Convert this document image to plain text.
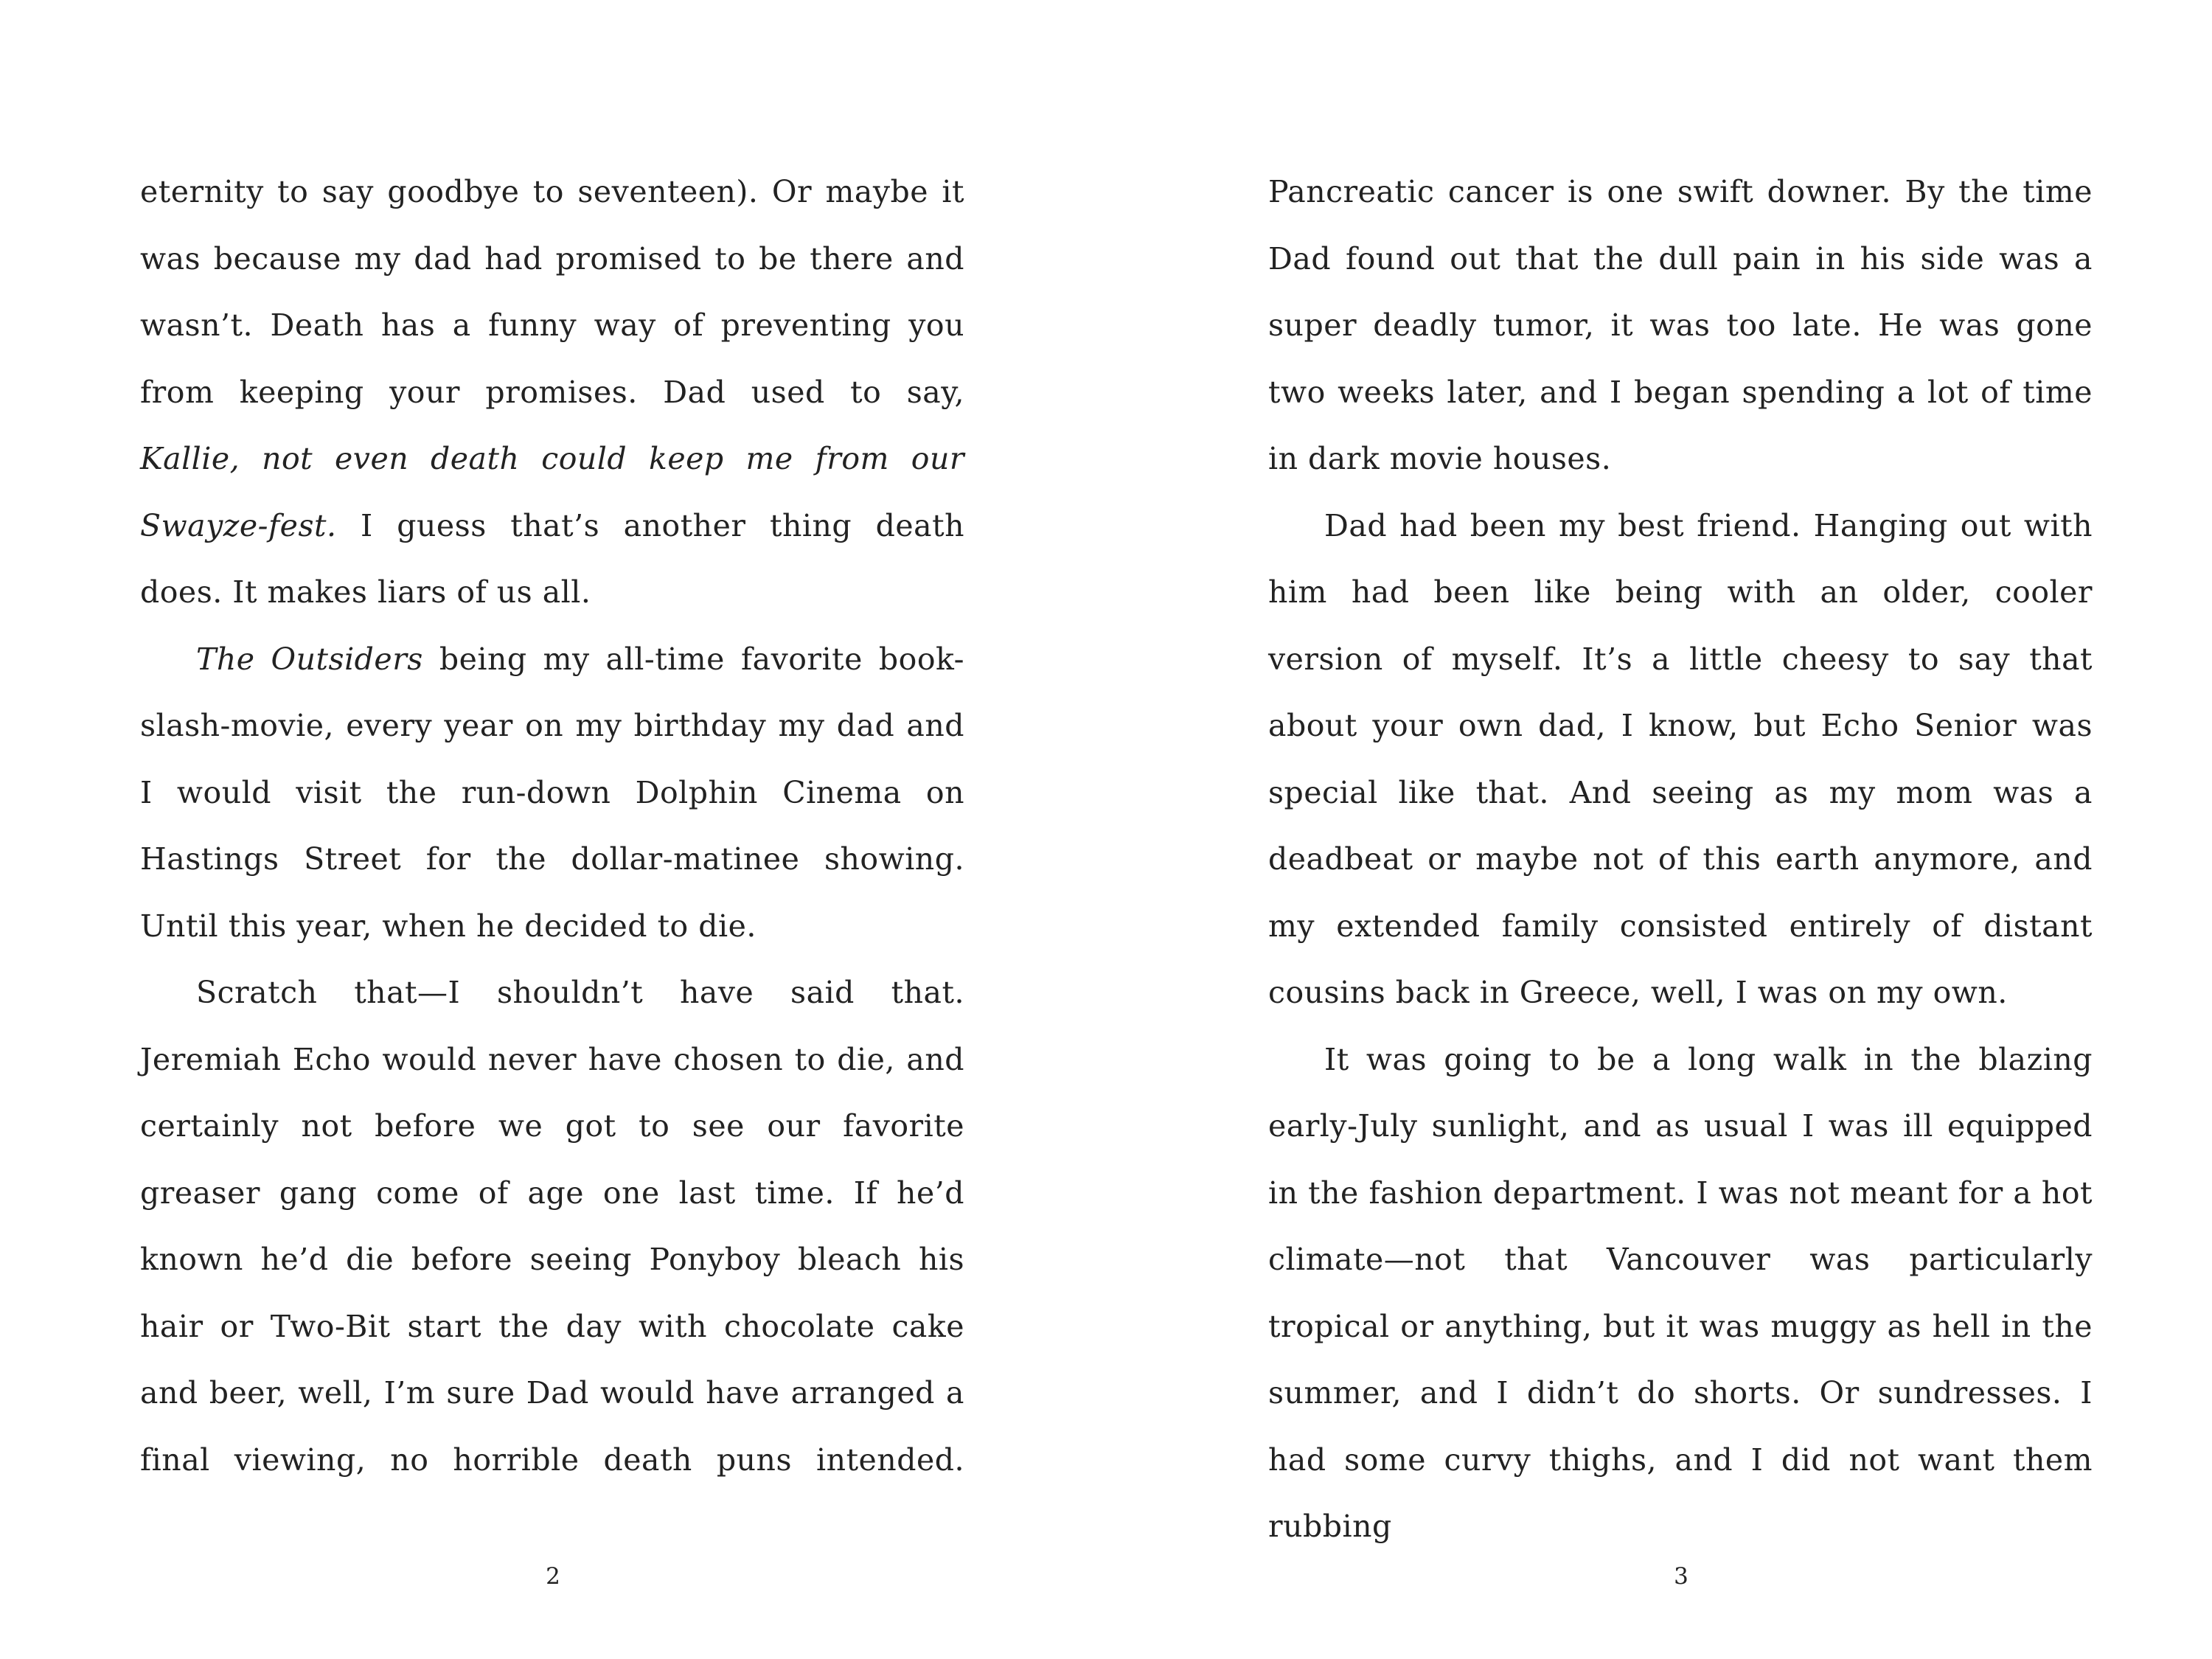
eternity to say goodbye to seventeen). Or maybe it was because my dad had promised to be there and wasn’t. Death has a funny way of preventing you from keeping your promises. Dad used to say, Kallie, not even death could keep me from our Swayze-fest. I guess that’s another thing death does. It makes liars of us all.

The Outsiders being my all-time favorite book-slash-movie, every year on my birthday my dad and I would visit the run-down Dolphin Cinema on Hastings Street for the dollar-matinee showing. Until this year, when he decided to die.

Scratch that—I shouldn’t have said that. Jeremiah Echo would never have chosen to die, and certainly not before we got to see our favorite greaser gang come of age one last time. If he’d known he’d die before seeing Ponyboy bleach his hair or Two-Bit start the day with chocolate cake and beer, well, I’m sure Dad would have arranged a final viewing, no horrible death puns intended.

2

Pancreatic cancer is one swift downer. By the time Dad found out that the dull pain in his side was a super deadly tumor, it was too late. He was gone two weeks later, and I began spending a lot of time in dark movie houses.

Dad had been my best friend. Hanging out with him had been like being with an older, cooler version of myself. It’s a little cheesy to say that about your own dad, I know, but Echo Senior was special like that. And seeing as my mom was a deadbeat or maybe not of this earth anymore, and my extended family consisted entirely of distant cousins back in Greece, well, I was on my own.

It was going to be a long walk in the blazing early-July sunlight, and as usual I was ill equipped in the fashion department. I was not meant for a hot climate—not that Vancouver was particularly tropical or anything, but it was muggy as hell in the summer, and I didn’t do shorts. Or sundresses. I had some curvy thighs, and I did not want them rubbing

3
